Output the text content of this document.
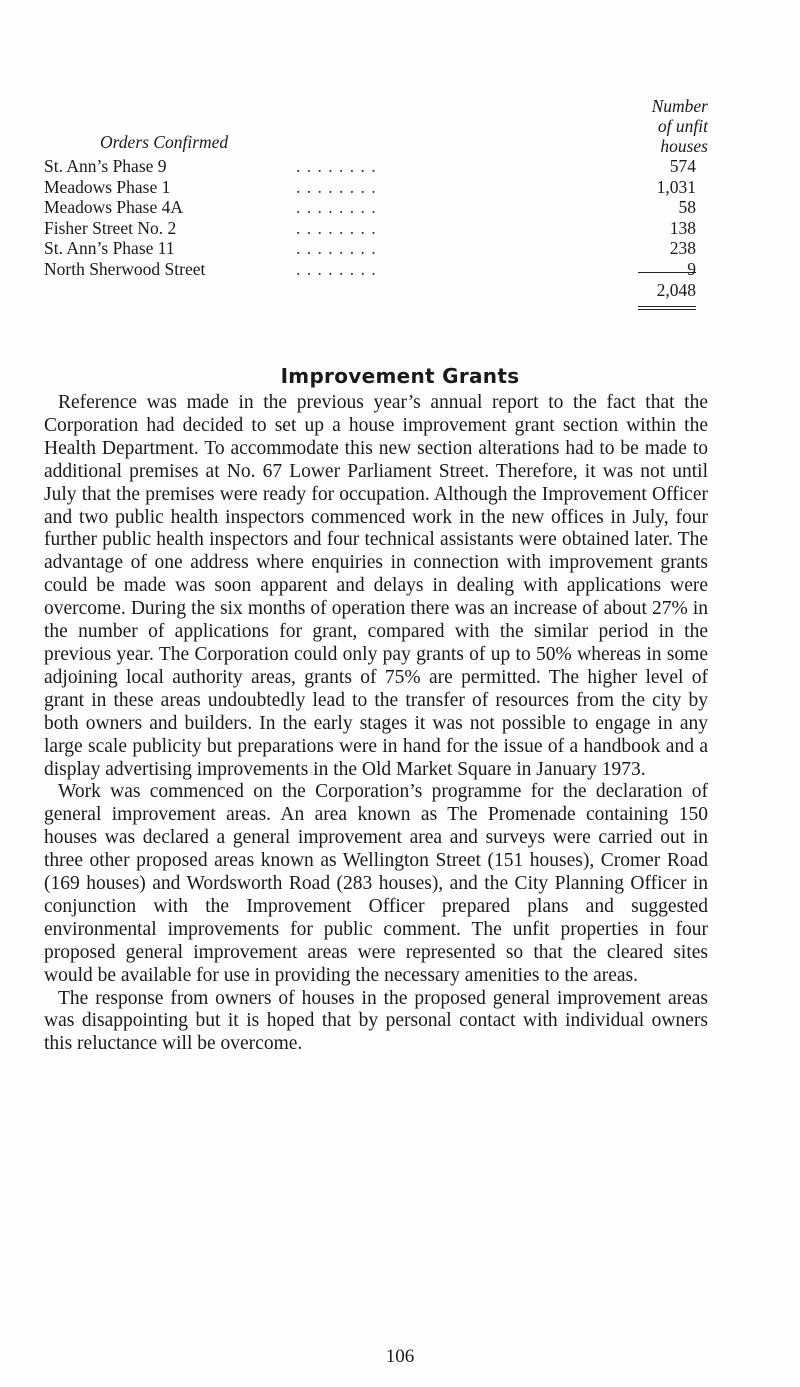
Orders Confirmed
Number
of unfit
houses
St. Ann’s Phase 9	. . . . . . . .	574
Meadows Phase 1	. . . . . . . .	1,031
Meadows Phase 4A	. . . . . . . .	58
Fisher Street No. 2	. . . . . . . .	138
St. Ann’s Phase 11	. . . . . . . .	238
North Sherwood Street	. . . . . . . .	9
2,048
Improvement Grants

Reference was made in the previous year’s annual report to the fact that the Corporation had decided to set up a house improvement grant section within the Health Department. To accommodate this new section alterations had to be made to additional premises at No. 67 Lower Parliament Street. Therefore, it was not until July that the premises were ready for occupation. Although the Improvement Officer and two public health inspectors commenced work in the new offices in July, four further public health inspectors and four technical assistants were obtained later. The advantage of one address where enquiries in connection with improvement grants could be made was soon apparent and delays in dealing with applications were overcome. During the six months of operation there was an increase of about 27% in the number of applications for grant, compared with the similar period in the previous year. The Corporation could only pay grants of up to 50% whereas in some adjoining local authority areas, grants of 75% are permitted. The higher level of grant in these areas undoubtedly lead to the transfer of resources from the city by both owners and builders. In the early stages it was not possible to engage in any large scale publicity but preparations were in hand for the issue of a handbook and a display advertising improvements in the Old Market Square in January 1973.

Work was commenced on the Corporation’s programme for the declaration of general improvement areas. An area known as The Promenade containing 150 houses was declared a general improvement area and surveys were carried out in three other proposed areas known as Wellington Street (151 houses), Cromer Road (169 houses) and Wordsworth Road (283 houses), and the City Planning Officer in conjunction with the Improvement Officer prepared plans and suggested environmental improvements for public comment. The unfit properties in four proposed general improvement areas were represented so that the cleared sites would be available for use in providing the necessary amenities to the areas.

The response from owners of houses in the proposed general improvement areas was disappointing but it is hoped that by personal contact with individual owners this reluctance will be overcome.

106
